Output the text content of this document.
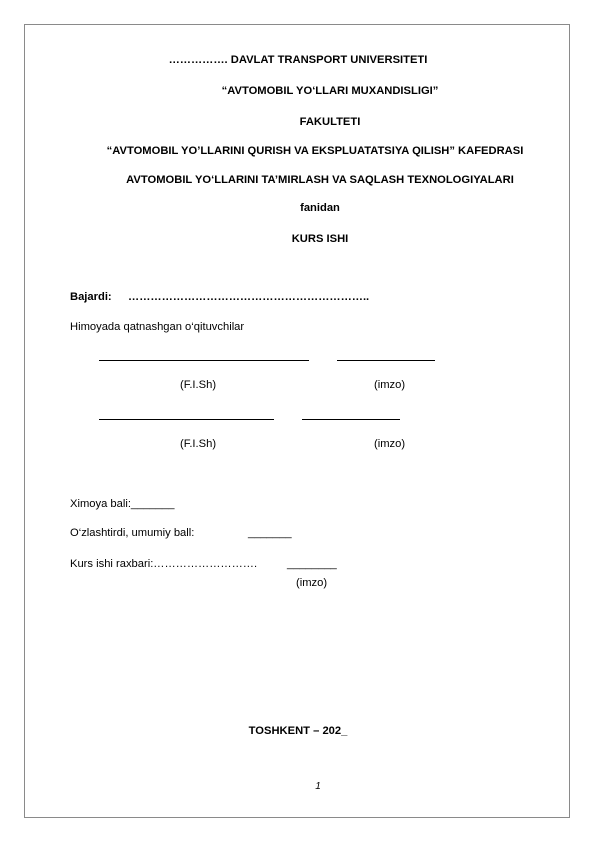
……………. DAVLAT TRANSPORT UNIVERSITETI
“AVTOMOBIL YO‘LLARI MUXANDISLIGI”
FAKULTETI
“AVTOMOBIL YO’LLARINI QURISH VA EKSPLUATATSIYA QILISH” KAFEDRASI
AVTOMOBIL YO‘LLARINI TA’MIRLASH VA SAQLASH TEXNOLOGIYALARI
fanidan
KURS ISHI
Bajardi: ………………………………………………………..
Himoyada qatnashgan o‘qituvchilar
(F.I.Sh)	(imzo)
(F.I.Sh)	(imzo)
Ximoya bali:_______
O‘zlashtirdi, umumiy ball:	_______
Kurs ishi raxbari:……………………….	________
(imzo)
TOSHKENT – 202_
1
